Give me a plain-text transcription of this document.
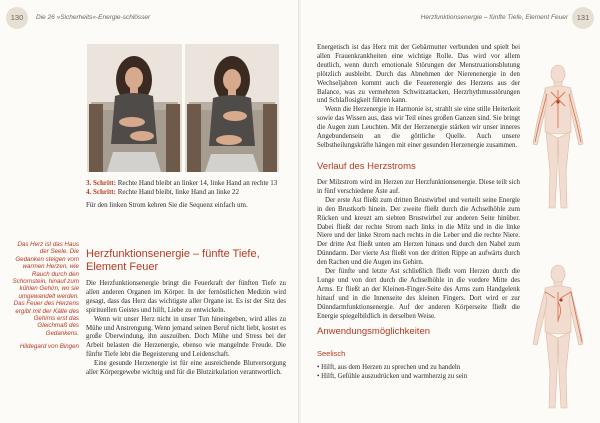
130	Die 26 »Sicherheits«-Energie-schlösser
3. Schritt: Rechte Hand bleibt an linker 14, linke Hand an rechte 13
4. Schritt: Rechte Hand bleibt, linke Hand an linke 22
Für den linken Strom kehren Sie die Sequenz einfach um.
Das Herz ist das Haus der Seele. Die Gedanken steigen vom warmen Herzen, wie Rauch durch den Schornstein, hinauf zum kühlen Gehirn, wo sie umgewandelt werden. Das Feuer des Herzens ergibt mit der Kälte des Gehirns erst das Gleichmaß des Gedankens.
Hildegard von Bingen
Herzfunktionsenergie – fünfte Tiefe, Element Feuer

Die Herzfunktionsenergie bringt die Feuerkraft der fünften Tiefe zu allen anderen Organen im Körper. In der fernöstlichen Medizin wird gesagt, dass das Herz das wichtigste aller Organe ist. Es ist der Sitz des spirituellen Geistes und hilft, Liebe zu entwickeln.

Wenn wir unser Herz nicht in unser Tun hineingeben, wird alles zu Mühe und Anstrengung. Wenn jemand seinen Beruf nicht liebt, kostet es große Überwindung, ihn auszuüben. Doch Mühe und Stress bei der Arbeit belasten die Herzenergie, ebenso wie mangelnde Freude. Die fünfte Tiefe lebt die Begeisterung und Leidenschaft.

Eine gesunde Herzenergie ist für eine ausreichende Blutversorgung aller Körpergewebe wichtig und für die Blutzirkulation verantwortlich.

Herzfunktionsenergie – fünfte Tiefe, Element Feuer	131

Energetisch ist das Herz mit der Gebärmutter verbunden und spielt bei allen Frauenkrankheiten eine wichtige Rolle. Das wird vor allem deutlich, wenn durch emotionale Störungen der Menstruationsblutung plötzlich ausbleibt. Durch das Abnehmen der Nierenenergie in den Wechseljahren kommt auch die Feuerenergie des Herzens aus der Balance, was zu vermehrten Schwitzattacken, Herzrhythmusstörungen und Schlaflosigkeit führen kann.

Wenn die Herzenergie in Harmonie ist, strahlt sie eine stille Heiterkeit sowie das Wissen aus, dass wir Teil eines großen Ganzen sind. Sie bringt die Augen zum Leuchten. Mit der Herzenergie stärken wir unser inneres Angebundensein an die göttliche Quelle. Auch unsere Selbstheilungskräfte hängen mit einer gesunden Herzenergie zusammen.

Verlauf des Herzstroms

Der Milzstrom wird im Herzen zur Herzfunktionsenergie. Diese teilt sich in fünf verschiedene Äste auf.

Der erste Ast fließt zum dritten Brustwirbel und verteilt seine Energie in den Brustkorb hinein. Der zweite fließt durch die Achselhöhle zum Rücken und kreuzt am siebten Brustwirbel zur anderen Seite hinüber. Dabei fließt der rechte Strom nach links in die Milz und in die linke Niere und der linke Strom nach rechts in die Leber und die rechte Niere. Der dritte Ast fließt unten am Herzen hinaus und durch den Nabel zum Dünndarm. Der vierte Ast fließt von der dritten Rippe an aufwärts durch den Rachen und die Augen ins Gehirn.

Der fünfte und letzte Ast schließlich fließt vom Herzen durch die Lunge und von dort durch die Achselhöhle in die vordere Mitte des Arms. Er fließt an der Kleinen-Finger-Seite des Arms zum Handgelenk hinauf und in die Innenseite des kleinen Fingers. Dort wird er zur Dünndarmfunktionsenergie. Auf der anderen Körperseite fließt die Energie spiegelbildlich in derselben Weise.

Anwendungsmöglichkeiten
Seelisch
• Hilft, aus dem Herzen zu sprechen und zu handeln
• Hilft, Gefühle auszudrücken und warmherzig zu sein
